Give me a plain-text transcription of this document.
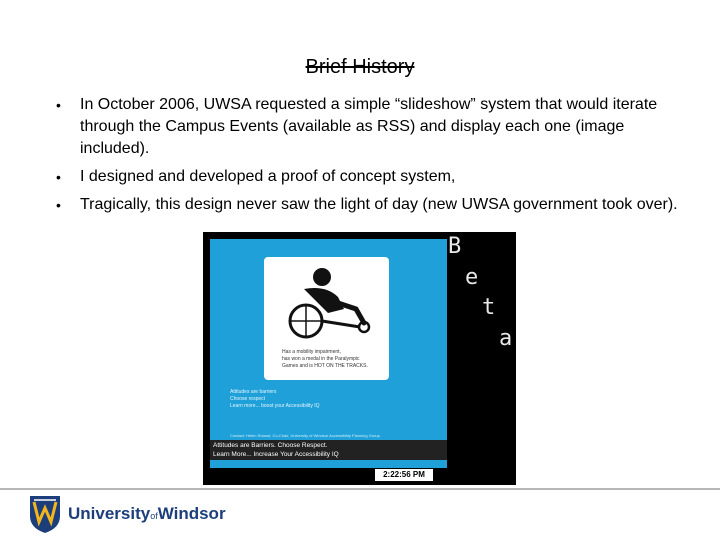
Brief History
• In October 2006, UWSA requested a simple “slideshow” system that would iterate through the Campus Events (available as RSS) and display each one (image included).
• I designed and developed a proof of concept system,
• Tragically, this design never saw the light of day (new UWSA government took over).
Has a mobility impairment,
has won a medal in the Paralympic
Games and is HOT ON THE TRACKS.
Attitudes are barriers
Choose respect
Learn more... boost your Accessibility IQ
Contact: Helen Roland, Co-Chair, University of Windsor Accessibility Planning Group
Attitudes are Barriers. Choose Respect.
Learn More... Increase Your Accessibility IQ
B
e
t
a
2:22:56 PM
UniversityofWindsor
